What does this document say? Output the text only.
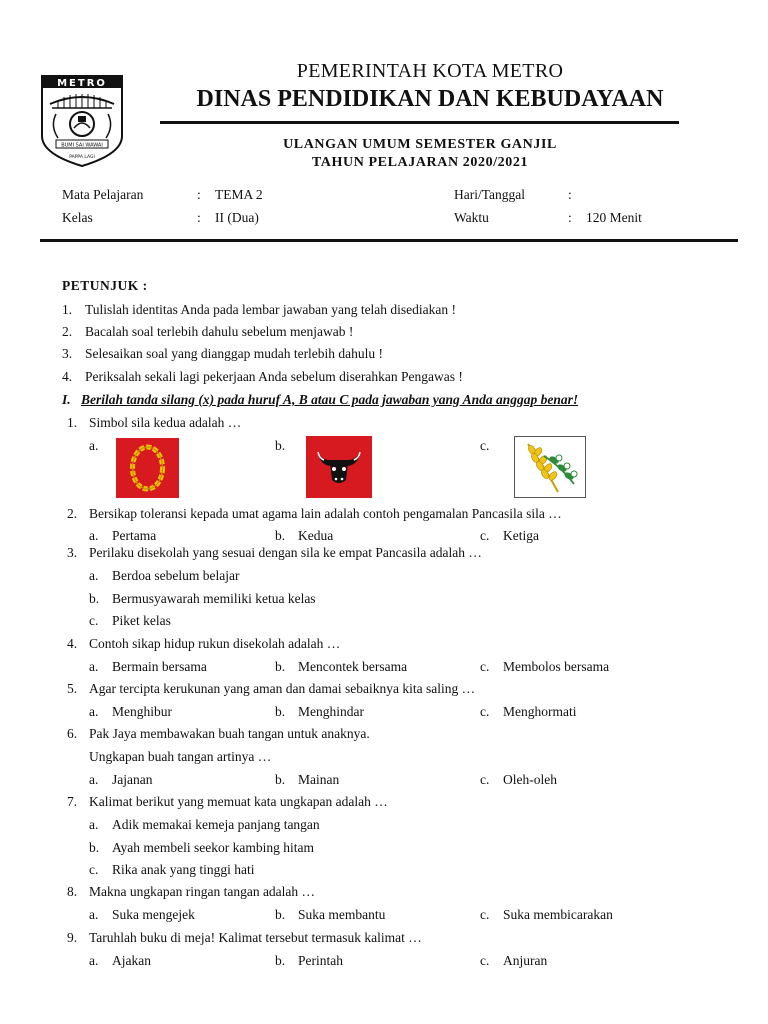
METRO
BUMI SAI WAWAI
PAPPA LAGI
PEMERINTAH KOTA METRO
DINAS PENDIDIKAN DAN KEBUDAYAAN
ULANGAN UMUM SEMESTER GANJIL
TAHUN PELAJARAN 2020/2021
Mata Pelajaran	: TEMA 2	Hari/Tanggal	:
Kelas	: II (Dua)	Waktu	: 120 Menit
PETUNJUK :
1. Tulislah identitas Anda pada lembar jawaban yang telah disediakan !
2. Bacalah soal terlebih dahulu sebelum menjawab !
3. Selesaikan soal yang dianggap mudah terlebih dahulu !
4. Periksalah sekali lagi pekerjaan Anda sebelum diserahkan Pengawas !
I. Berilah tanda silang (x) pada huruf A, B atau C pada jawaban yang Anda anggap benar!
1. Simbol sila kedua adalah …
a.	b.	c.
2. Bersikap toleransi kepada umat agama lain adalah contoh pengamalan Pancasila sila …
a. Pertama	b. Kedua	c. Ketiga
3. Perilaku disekolah yang sesuai dengan sila ke empat Pancasila adalah …
a. Berdoa sebelum belajar
b. Bermusyawarah memiliki ketua kelas
c. Piket kelas
4. Contoh sikap hidup rukun disekolah adalah …
a. Bermain bersama	b. Mencontek bersama	c. Membolos bersama
5. Agar tercipta kerukunan yang aman dan damai sebaiknya kita saling …
a. Menghibur	b. Menghindar	c. Menghormati
6. Pak Jaya membawakan buah tangan untuk anaknya.
Ungkapan buah tangan artinya …
a. Jajanan	b. Mainan	c. Oleh-oleh
7. Kalimat berikut yang memuat kata ungkapan adalah …
a. Adik memakai kemeja panjang tangan
b. Ayah membeli seekor kambing hitam
c. Rika anak yang tinggi hati
8. Makna ungkapan ringan tangan adalah …
a. Suka mengejek	b. Suka membantu	c. Suka membicarakan
9. Taruhlah buku di meja! Kalimat tersebut termasuk kalimat …
a. Ajakan	b. Perintah	c. Anjuran
